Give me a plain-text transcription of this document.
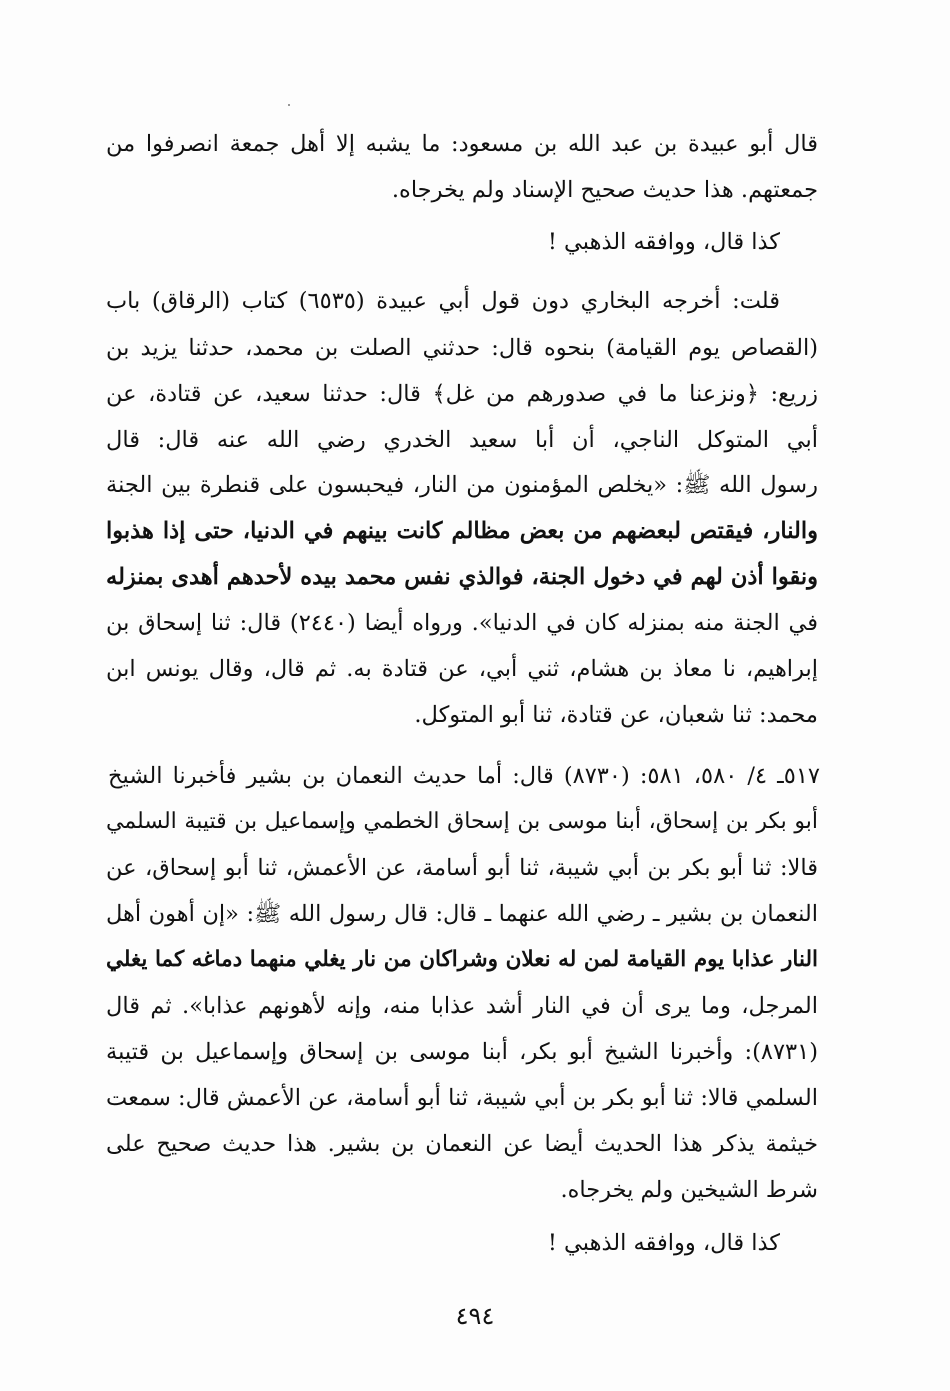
قال أبو عبيدة بن عبد الله بن مسعود: ما يشبه إلا أهل جمعة انصرفوا من
جمعتهم. هذا حديث صحيح الإسناد ولم يخرجاه.
كذا قال، ووافقه الذهبي !
قلت: أخرجه البخاري دون قول أبي عبيدة (٦٥٣٥) كتاب (الرقاق) باب
(القصاص يوم القيامة) بنحوه قال: حدثني الصلت بن محمد، حدثنا يزيد بن
زريع: ﴿ونزعنا ما في صدورهم من غل﴾ قال: حدثنا سعيد، عن قتادة، عن
أبي المتوكل الناجي، أن أبا سعيد الخدري رضي الله عنه قال: قال
رسول الله ﷺ: «يخلص المؤمنون من النار، فيحبسون على قنطرة بين الجنة
والنار، فيقتص لبعضهم من بعض مظالم كانت بينهم في الدنيا، حتى إذا هذبوا
ونقوا أذن لهم في دخول الجنة، فوالذي نفس محمد بيده لأحدهم أهدى بمنزله
في الجنة منه بمنزله كان في الدنيا». ورواه أيضا (٢٤٤٠) قال: ثنا إسحاق بن
إبراهيم، نا معاذ بن هشام، ثني أبي، عن قتادة به. ثم قال، وقال يونس ابن
محمد: ثنا شعبان، عن قتادة، ثنا أبو المتوكل.
٥١٧ـ ٤/ ٥٨٠، ٥٨١: (٨٧٣٠) قال: أما حديث النعمان بن بشير فأخبرنا الشيخ
أبو بكر بن إسحاق، أبنا موسى بن إسحاق الخطمي وإسماعيل بن قتيبة السلمي
قالا: ثنا أبو بكر بن أبي شيبة، ثنا أبو أسامة، عن الأعمش، ثنا أبو إسحاق، عن
النعمان بن بشير ـ رضي الله عنهما ـ قال: قال رسول الله ﷺ: «إن أهون أهل
النار عذابا يوم القيامة لمن له نعلان وشراكان من نار يغلي منهما دماغه كما يغلي
المرجل، وما يرى أن في النار أشد عذابا منه، وإنه لأهونهم عذابا». ثم قال
(٨٧٣١): وأخبرنا الشيخ أبو بكر، أبنا موسى بن إسحاق وإسماعيل بن قتيبة
السلمي قالا: ثنا أبو بكر بن أبي شيبة، ثنا أبو أسامة، عن الأعمش قال: سمعت
خيثمة يذكر هذا الحديث أيضا عن النعمان بن بشير. هذا حديث صحيح على
شرط الشيخين ولم يخرجاه.
كذا قال، ووافقه الذهبي !
٤٩٤
